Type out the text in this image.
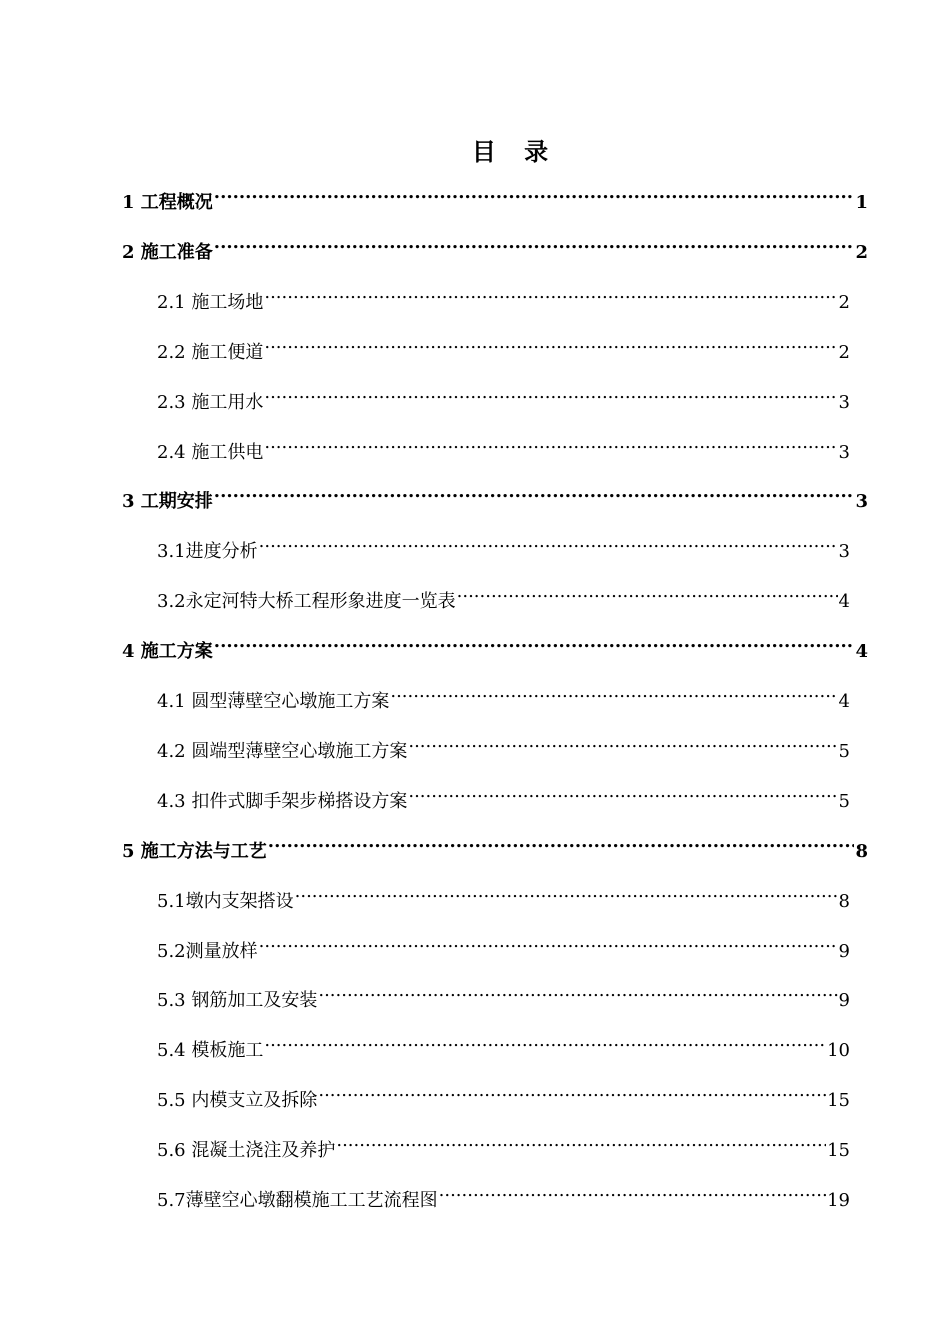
目 录
1 工程概况 .....	1
2 施工准备 .....	2
2.1 施工场地 .....	2
2.2 施工便道 .....	2
2.3 施工用水 .....	3
2.4 施工供电 .....	3
3 工期安排 .....	3
3.1进度分析 .....	3
3.2永定河特大桥工程形象进度一览表 .....	4
4 施工方案 .....	4
4.1 圆型薄壁空心墩施工方案 .....	4
4.2 圆端型薄壁空心墩施工方案 .....	5
4.3 扣件式脚手架步梯搭设方案 .....	5
5 施工方法与工艺 .....	8
5.1墩内支架搭设 .....	8
5.2测量放样 .....	9
5.3 钢筋加工及安装 .....	9
5.4 模板施工 .....	10
5.5 内模支立及拆除 .....	15
5.6 混凝土浇注及养护 .....	15
5.7薄壁空心墩翻模施工工艺流程图 .....	19
